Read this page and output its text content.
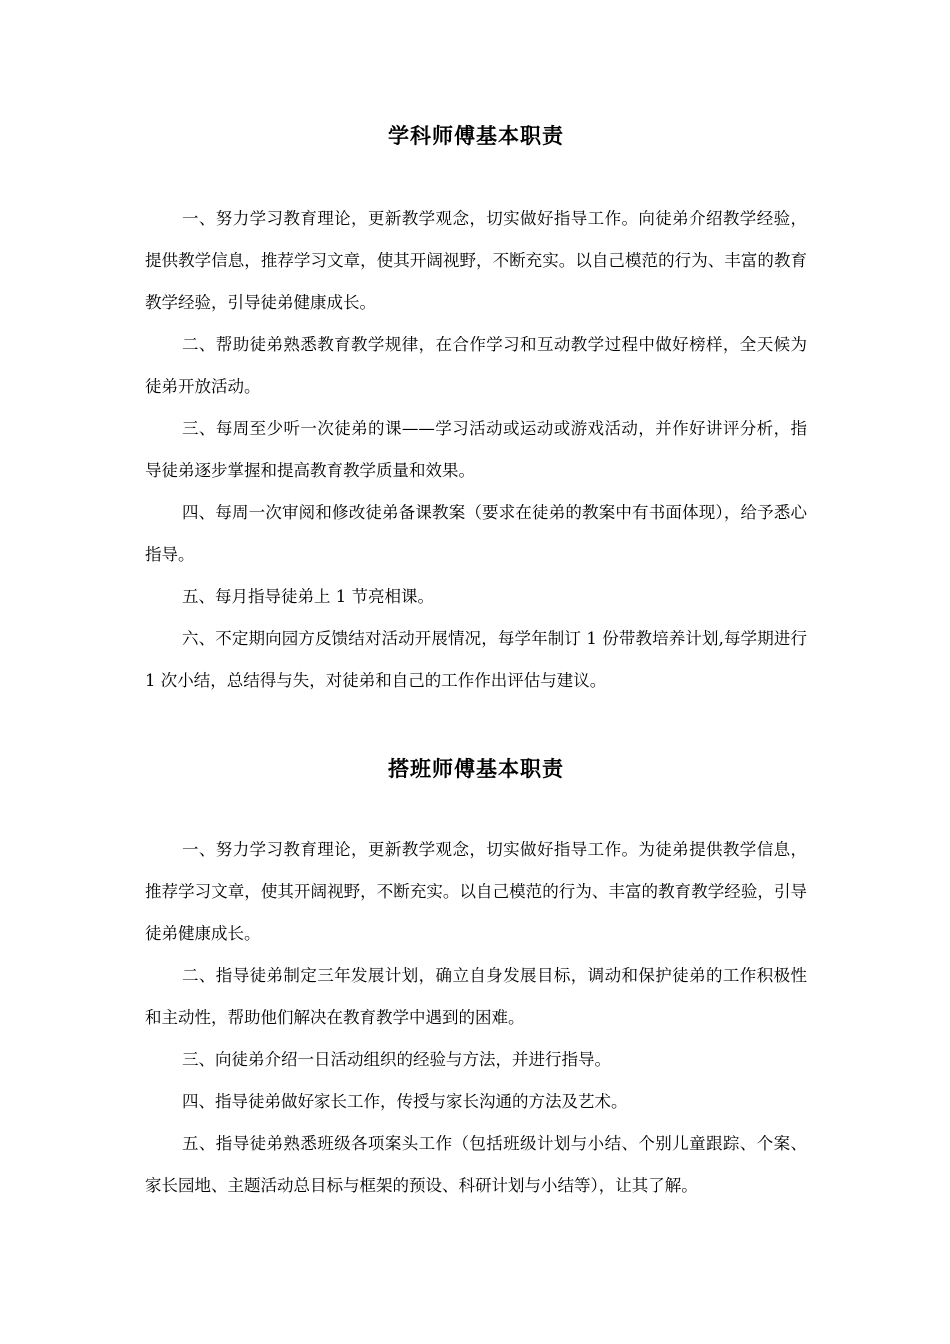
学科师傅基本职责

一、努力学习教育理论，更新教学观念，切实做好指导工作。向徒弟介绍教学经验，提供教学信息，推荐学习文章，使其开阔视野，不断充实。以自己模范的行为、丰富的教育教学经验，引导徒弟健康成长。

二、帮助徒弟熟悉教育教学规律，在合作学习和互动教学过程中做好榜样，全天候为徒弟开放活动。

三、每周至少听一次徒弟的课——学习活动或运动或游戏活动，并作好讲评分析，指导徒弟逐步掌握和提高教育教学质量和效果。

四、每周一次审阅和修改徒弟备课教案（要求在徒弟的教案中有书面体现），给予悉心指导。

五、每月指导徒弟上 1 节亮相课。

六、不定期向园方反馈结对活动开展情况，每学年制订 1 份带教培养计划,每学期进行 1 次小结，总结得与失，对徒弟和自己的工作作出评估与建议。

搭班师傅基本职责

一、努力学习教育理论，更新教学观念，切实做好指导工作。为徒弟提供教学信息，推荐学习文章，使其开阔视野，不断充实。以自己模范的行为、丰富的教育教学经验，引导徒弟健康成长。

二、指导徒弟制定三年发展计划，确立自身发展目标，调动和保护徒弟的工作积极性和主动性，帮助他们解决在教育教学中遇到的困难。

三、向徒弟介绍一日活动组织的经验与方法，并进行指导。

四、指导徒弟做好家长工作，传授与家长沟通的方法及艺术。

五、指导徒弟熟悉班级各项案头工作（包括班级计划与小结、个别儿童跟踪、个案、家长园地、主题活动总目标与框架的预设、科研计划与小结等），让其了解。
